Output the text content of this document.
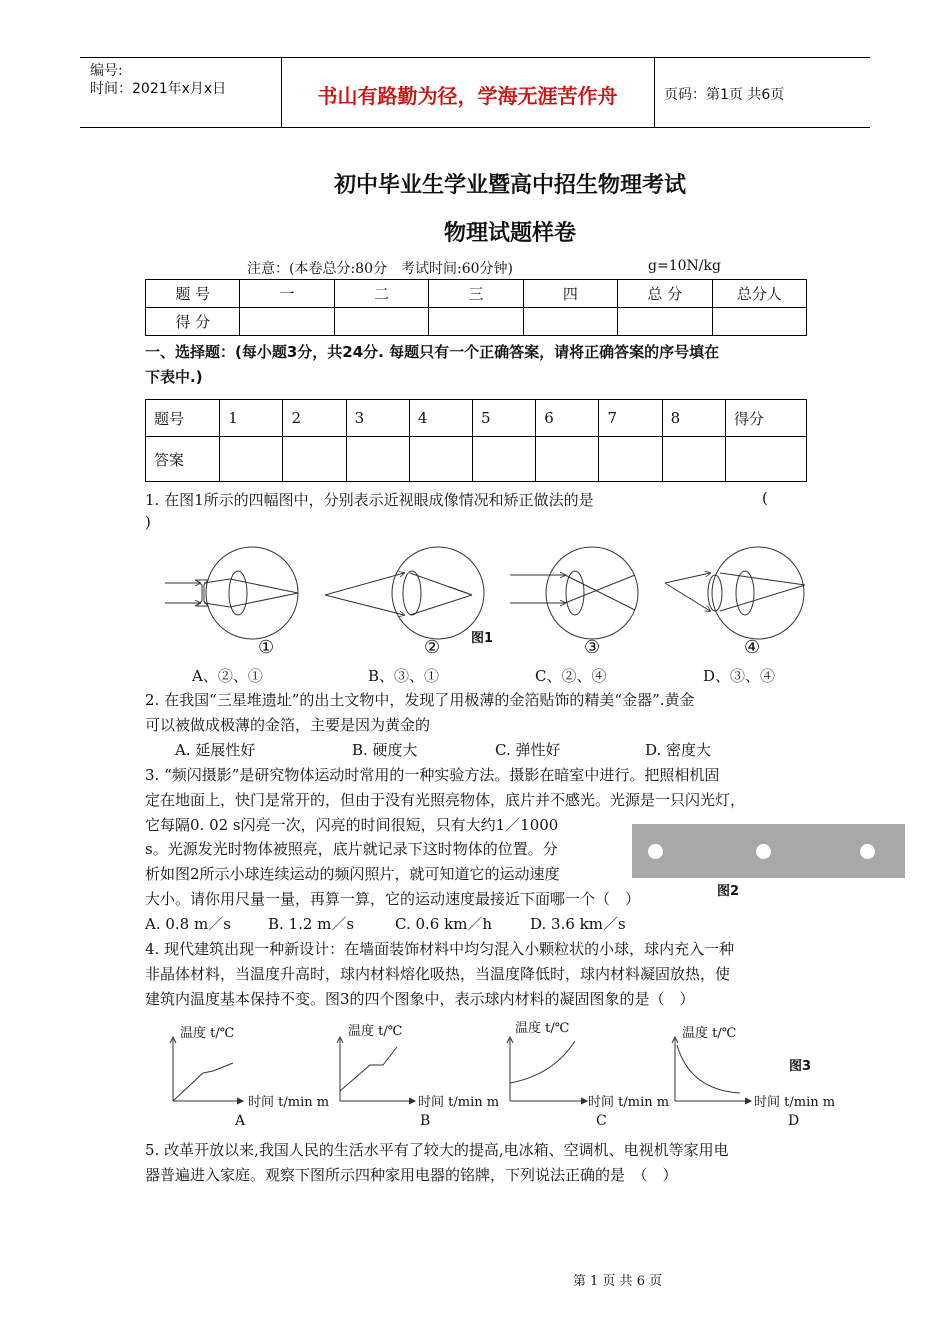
编号:
时间：2021年x月x日	书山有路勤为径，学海无涯苦作舟	页码：第1页 共6页
初中毕业生学业暨高中招生物理考试
物理试题样卷
注意：(本卷总分:80分　考试时间:60分钟)	g=10N/kg
题 号	一	二	三	四	总 分	总分人
得 分						
一、选择题：(每小题3分，共24分. 每题只有一个正确答案，请将正确答案的序号填在
下表中.)
题号	1	2	3	4	5	6	7	8	得分
答案									
1. 在图1所示的四幅图中，分别表示近视眼成像情况和矫正做法的是	(
)
①	② 图1	③	④
A、②、①	B、③、①	C、②、④	D、③、④
2. 在我国“三星堆遗址”的出土文物中，发现了用极薄的金箔贴饰的精美“金器”.黄金
可以被做成极薄的金箔，主要是因为黄金的
A. 延展性好	B. 硬度大	C. 弹性好	D. 密度大
3. “频闪摄影”是研究物体运动时常用的一种实验方法。摄影在暗室中进行。把照相机固
定在地面上，快门是常开的，但由于没有光照亮物体，底片并不感光。光源是一只闪光灯，
它每隔0. 02 s闪亮一次，闪亮的时间很短，只有大约1／1000
s。光源发光时物体被照亮，底片就记录下这时物体的位置。分
析如图2所示小球连续运动的频闪照片，就可知道它的运动速度
大小。请你用尺量一量，再算一算，它的运动速度最接近下面哪一个（　）	图2
A. 0.8 m／s B. 1.2 m／s	C. 0.6 km／h	D. 3.6 km／s
4. 现代建筑出现一种新设计：在墙面装饰材料中均匀混入小颗粒状的小球，球内充入一种
非晶体材料，当温度升高时，球内材料熔化吸热，当温度降低时，球内材料凝固放热，使
建筑内温度基本保持不变。图3的四个图象中，表示球内材料的凝固图象的是（　）
温度 t/℃	温度 t/℃	温度 t/℃	温度 t/℃
时间 t/min m	时间 t/min m	时间 t/min m	时间 t/min m
图3
A	B	C	D
5. 改革开放以来,我国人民的生活水平有了较大的提高,电冰箱、空调机、电视机等家用电
器普遍进入家庭。观察下图所示四种家用电器的铭牌，下列说法正确的是　（　）
第 1 页 共 6 页
